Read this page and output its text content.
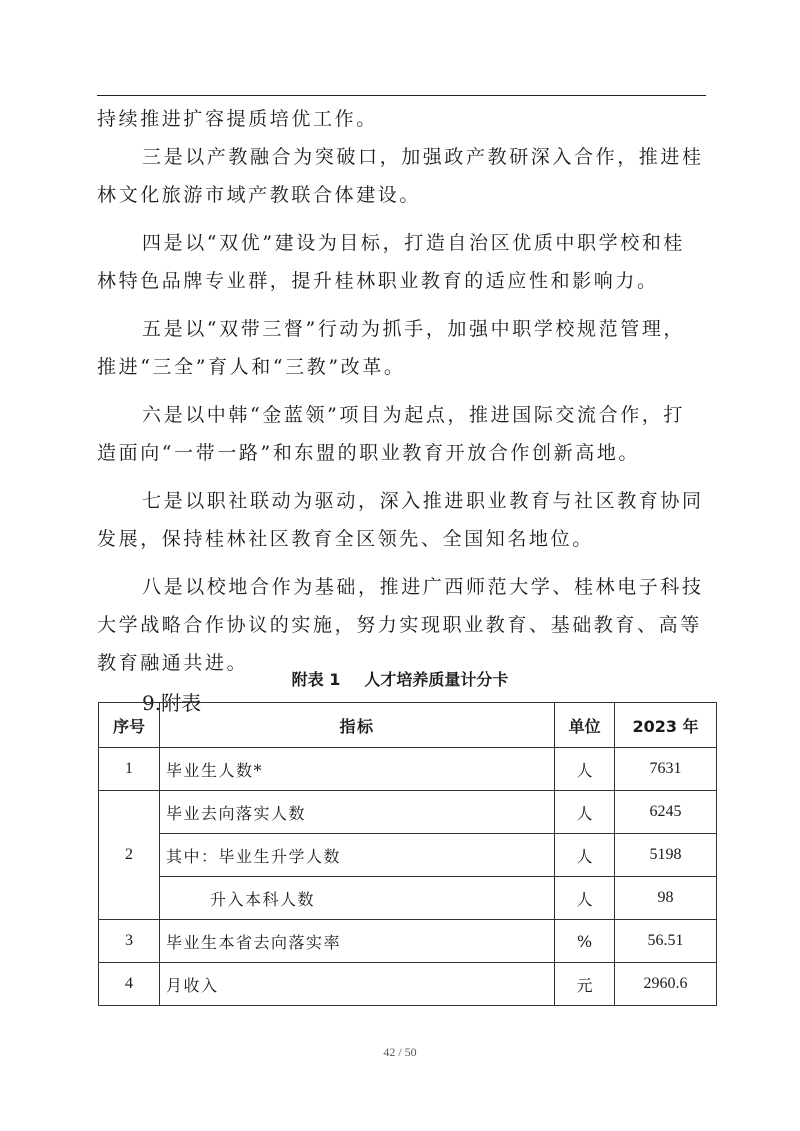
持续推进扩容提质培优工作。
三是以产教融合为突破口，加强政产教研深入合作，推进桂
林文化旅游市域产教联合体建设。
四是以“双优”建设为目标，打造自治区优质中职学校和桂
林特色品牌专业群，提升桂林职业教育的适应性和影响力。
五是以“双带三督”行动为抓手，加强中职学校规范管理，
推进“三全”育人和“三教”改革。
六是以中韩“金蓝领”项目为起点，推进国际交流合作，打
造面向“一带一路”和东盟的职业教育开放合作创新高地。
七是以职社联动为驱动，深入推进职业教育与社区教育协同
发展，保持桂林社区教育全区领先、全国知名地位。
八是以校地合作为基础，推进广西师范大学、桂林电子科技
大学战略合作协议的实施，努力实现职业教育、基础教育、高等
教育融通共进。
9.附表
附表 1 人才培养质量计分卡
序号	指标	单位	2023 年
1	毕业生人数*	人	7631
2	毕业去向落实人数	人	6245
	其中：毕业生升学人数	人	5198
	升入本科人数	人	98
3	毕业生本省去向落实率	%	56.51
4	月收入	元	2960.6
42 / 50
